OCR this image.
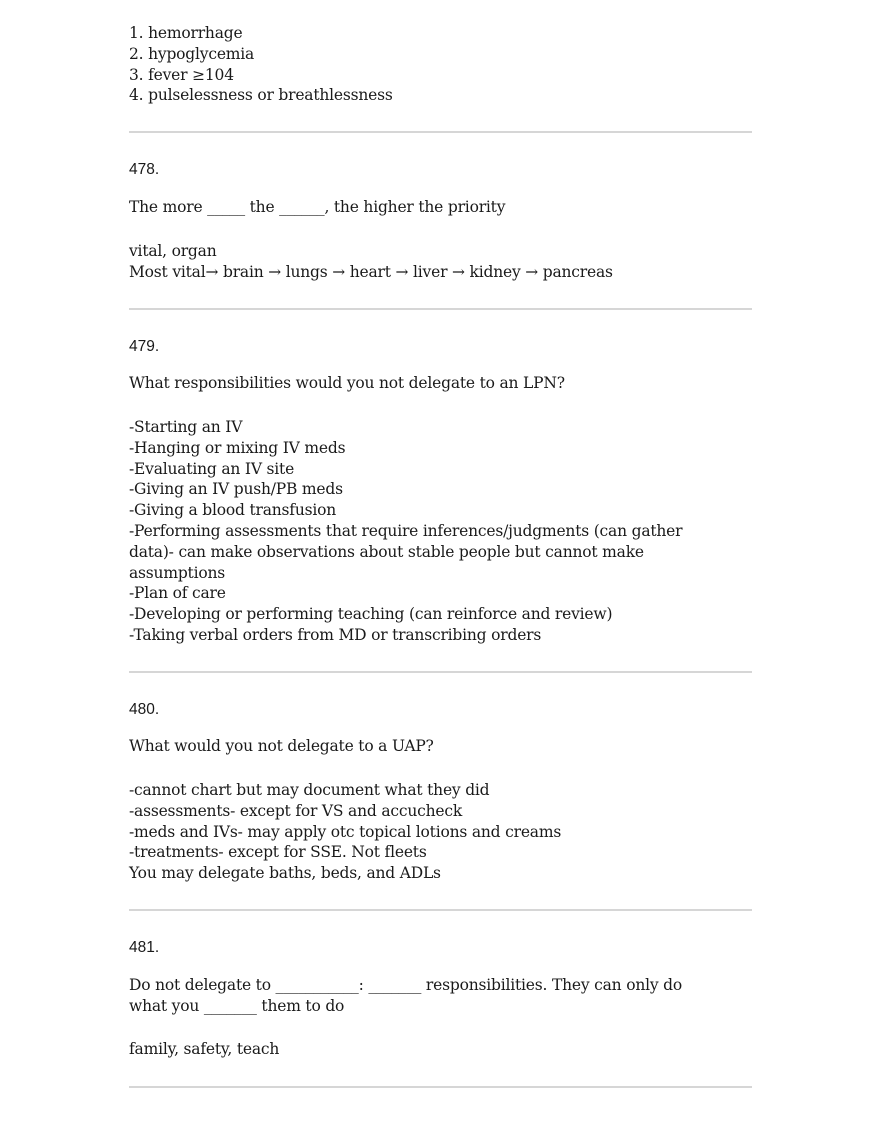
1. hemorrhage
2. hypoglycemia
3. fever ≥104
4. pulselessness or breathlessness
478.
The more _____ the ______, the higher the priority
vital, organ
Most vital→ brain → lungs → heart → liver → kidney → pancreas
479.
What responsibilities would you not delegate to an LPN?
-Starting an IV
-Hanging or mixing IV meds
-Evaluating an IV site
-Giving an IV push/PB meds
-Giving a blood transfusion
-Performing assessments that require inferences/judgments (can gather
data)- can make observations about stable people but cannot make
assumptions
-Plan of care
-Developing or performing teaching (can reinforce and review)
-Taking verbal orders from MD or transcribing orders
480.
What would you not delegate to a UAP?
-cannot chart but may document what they did
-assessments- except for VS and accucheck
-meds and IVs- may apply otc topical lotions and creams
-treatments- except for SSE. Not fleets
You may delegate baths, beds, and ADLs
481.
Do not delegate to ___________: _______ responsibilities. They can only do
what you _______ them to do
family, safety, teach
